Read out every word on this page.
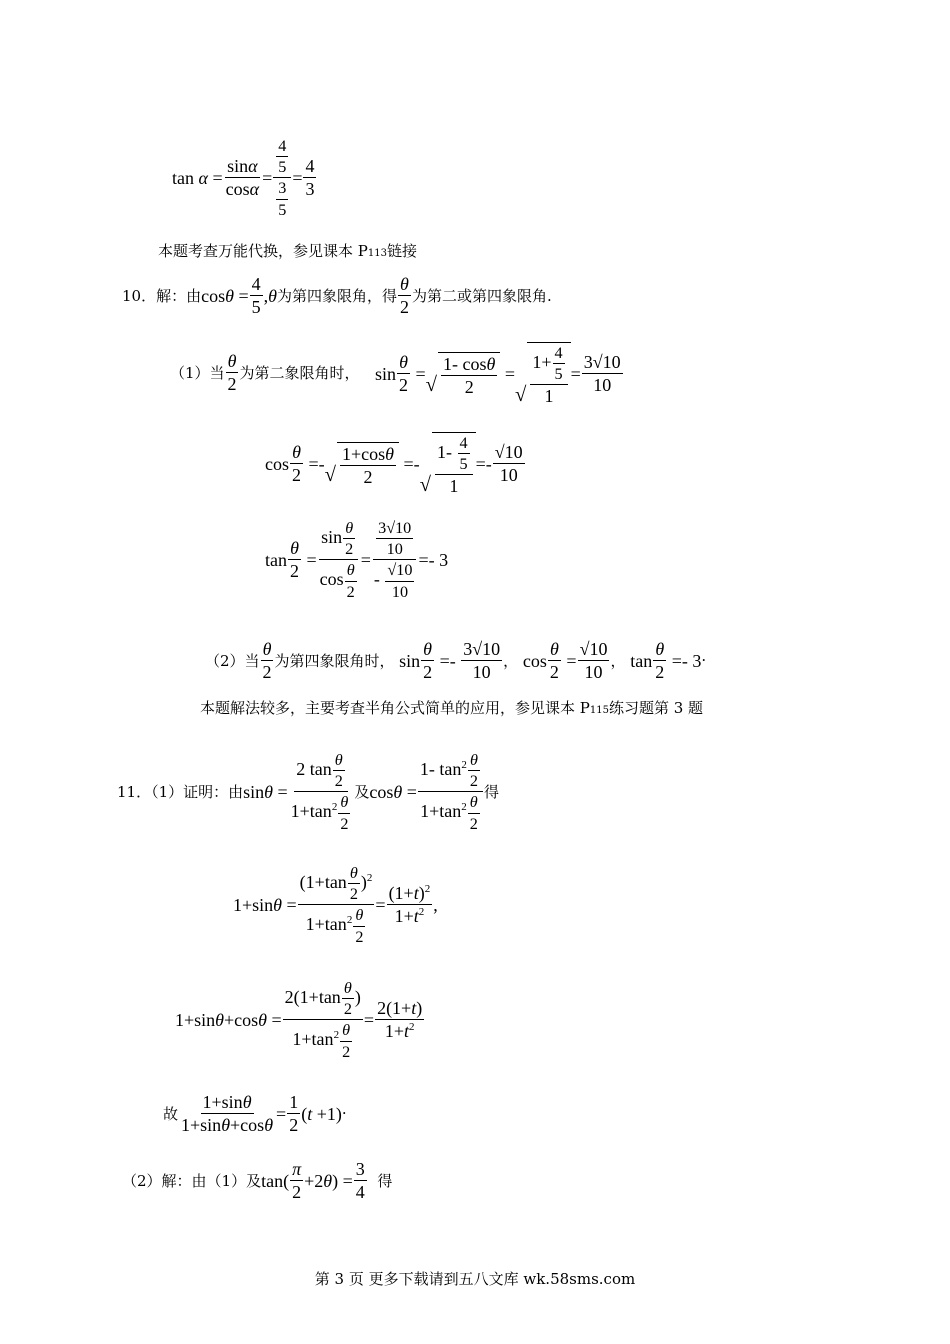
$\tan \alpha = \frac{\sin\alpha}{\cos\alpha} = \frac{\frac{4}{5}}{\frac{3}{5}} = \frac{4}{3}$
本题考查万能代换，参见课本 P113链接
10．解：由 $\cos \theta = \frac{4}{5}$ , θ 为第四象限角，得 $\frac{\theta}{2}$ 为第二或第四象限角.
（1）当 $\frac{\theta}{2}$ 为第二象限角时， $\sin \frac{\theta}{2}$ =
√ $\frac{1- \cos\theta}{2}$ =
√ $\frac{1+ \frac{4}{5}}{1} = \frac{3√10}{10}$
$\cos \frac{\theta}{2}$ =-
√ $\frac{1+\cos\theta}{2}$ =-
√ $\frac{1- \frac{4}{5}}{1} =- \frac{√10}{10}$
$\tan \frac{\theta}{2} = \frac{\sin \frac{\theta}{2}}{\cos \frac{\theta}{2}} = \frac{\frac{3√10}{10}}{- \frac{√10}{10}} =- 3$
（2）当 $\frac{\theta}{2}$ 为第四象限角时， $\sin \frac{\theta}{2} =- \frac{3√10}{10}$ ， $\cos \frac{\theta}{2} = \frac{√10}{10}$ ， $\tan \frac{\theta}{2} =- 3$ ·
本题解法较多，主要考查半角公式简单的应用，参见课本 P115练习题第 3 题
11．（1）证明：由 $\sin \theta = \frac{2 \tan \frac{\theta}{2}}{1+\tan^2 \frac{\theta}{2}}$ 及 $\cos \theta = \frac{1- \tan^2 \frac{\theta}{2}}{1+\tan^2 \frac{\theta}{2}}$ 得
1+sin $\theta = \frac{(1+\tan \frac{\theta}{2} )^2}{1+\tan^2 \frac{\theta}{2}} = \frac{(1+t)^2}{1+t^2}$ ,
1+sin θ +cos $\theta = \frac{2(1+\tan \frac{\theta}{2} )}{1+\tan^2 \frac{\theta}{2}} = \frac{2(1+t)}{1+t^2}$
故 $\frac{1+\sin\theta}{1+\sin\theta+\cos\theta} = \frac{1}{2}$ ( t +1) ·
（2）解：由（1）及 $\tan( \frac{\pi}{2} +2$ θ ) = $\frac{3}{4}$
得
第 3 页 更多下载请到五八文库 wk.58sms.com
